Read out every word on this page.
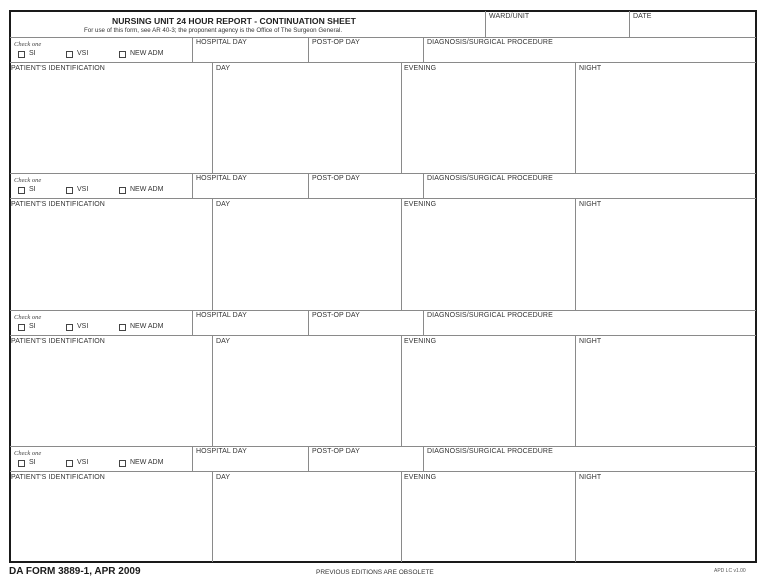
NURSING UNIT 24 HOUR REPORT - CONTINUATION SHEET
For use of this form, see AR 40-3; the proponent agency is the Office of The Surgeon General.
WARD/UNIT	DATE
Check one
SI	VSI	NEW ADM
HOSPITAL DAY	POST-OP DAY	DIAGNOSIS/SURGICAL PROCEDURE
PATIENT'S IDENTIFICATION	DAY	EVENING	NIGHT
Check one
SI	VSI	NEW ADM
HOSPITAL DAY	POST-OP DAY	DIAGNOSIS/SURGICAL PROCEDURE
PATIENT'S IDENTIFICATION	DAY	EVENING	NIGHT
Check one
SI	VSI	NEW ADM
HOSPITAL DAY	POST-OP DAY	DIAGNOSIS/SURGICAL PROCEDURE
PATIENT'S IDENTIFICATION	DAY	EVENING	NIGHT
Check one
SI	VSI	NEW ADM
HOSPITAL DAY	POST-OP DAY	DIAGNOSIS/SURGICAL PROCEDURE
PATIENT'S IDENTIFICATION	DAY	EVENING	NIGHT
DA FORM 3889-1, APR 2009	PREVIOUS EDITIONS ARE OBSOLETE	APD LC v1.00
